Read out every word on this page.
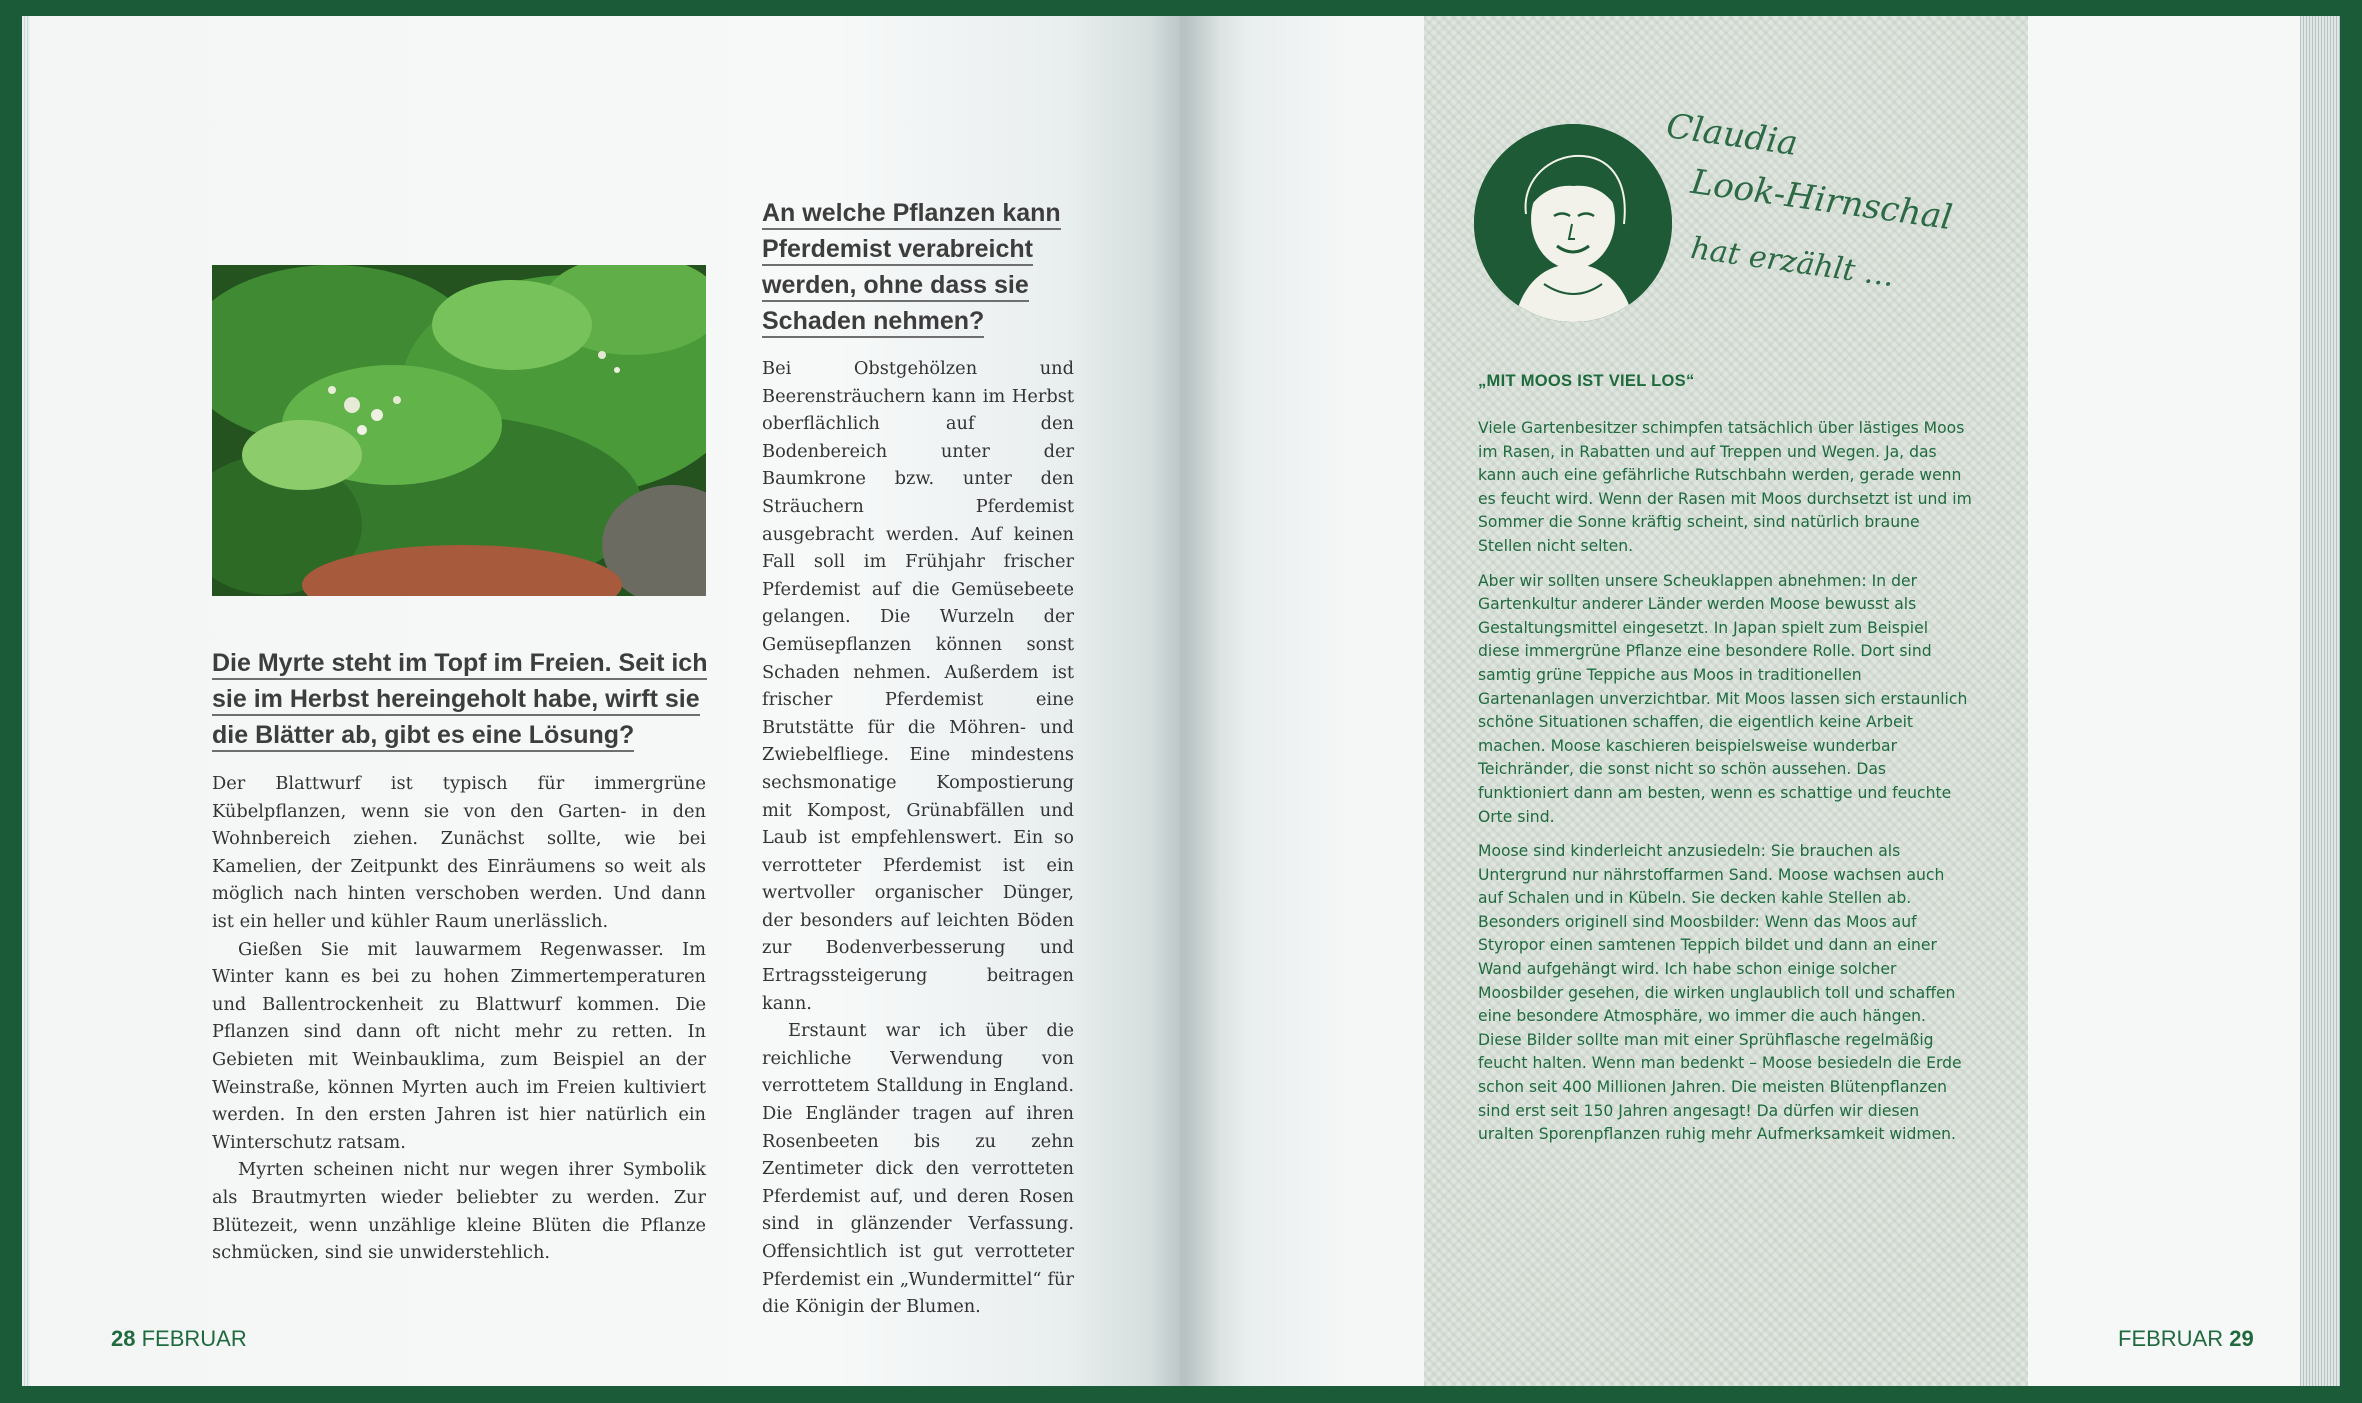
Die Myrte steht im Topf im Freien. Seit ich sie im Herbst hereingeholt habe, wirft sie die Blätter ab, gibt es eine Lösung?

Der Blattwurf ist typisch für immergrüne Kübelpflanzen, wenn sie von den Garten- in den Wohnbereich ziehen. Zunächst sollte, wie bei Kamelien, der Zeitpunkt des Einräumens so weit als möglich nach hinten verschoben werden. Und dann ist ein heller und kühler Raum unerlässlich.

Gießen Sie mit lauwarmem Regenwasser. Im Winter kann es bei zu hohen Zimmertemperaturen und Ballentrockenheit zu Blattwurf kommen. Die Pflanzen sind dann oft nicht mehr zu retten. In Gebieten mit Weinbauklima, zum Beispiel an der Weinstraße, können Myrten auch im Freien kultiviert werden. In den ersten Jahren ist hier natürlich ein Winterschutz ratsam.

Myrten scheinen nicht nur wegen ihrer Symbolik als Brautmyrten wieder beliebter zu werden. Zur Blütezeit, wenn unzählige kleine Blüten die Pflanze schmücken, sind sie unwiderstehlich.

An welche Pflanzen kann Pferdemist verabreicht werden, ohne dass sie Schaden nehmen?

Bei Obstgehölzen und Beerensträuchern kann im Herbst oberflächlich auf den Bodenbereich unter der Baumkrone bzw. unter den Sträuchern Pferdemist ausgebracht werden. Auf keinen Fall soll im Frühjahr frischer Pferdemist auf die Gemüsebeete gelangen. Die Wurzeln der Gemüsepflanzen können sonst Schaden nehmen. Außerdem ist frischer Pferdemist eine Brutstätte für die Möhren- und Zwiebelfliege. Eine mindestens sechsmonatige Kompostierung mit Kompost, Grünabfällen und Laub ist empfehlenswert. Ein so verrotteter Pferdemist ist ein wertvoller organischer Dünger, der besonders auf leichten Böden zur Bodenverbesserung und Ertragssteigerung beitragen kann.

Erstaunt war ich über die reichliche Verwendung von verrottetem Stalldung in England. Die Engländer tragen auf ihren Rosenbeeten bis zu zehn Zentimeter dick den verrotteten Pferdemist auf, und deren Rosen sind in glänzender Verfassung. Offensichtlich ist gut verrotteter Pferdemist ein „Wundermittel“ für die Königin der Blumen.

Claudia
Look-Hirnschal
hat erzählt …
„MIT MOOS IST VIEL LOS“

Viele Gartenbesitzer schimpfen tatsächlich über lästiges Moos im Rasen, in Rabatten und auf Treppen und Wegen. Ja, das kann auch eine gefährliche Rutschbahn werden, gerade wenn es feucht wird. Wenn der Rasen mit Moos durchsetzt ist und im Sommer die Sonne kräftig scheint, sind natürlich braune Stellen nicht selten.

Aber wir sollten unsere Scheuklappen abnehmen: In der Gartenkultur anderer Länder werden Moose bewusst als Gestaltungsmittel eingesetzt. In Japan spielt zum Beispiel diese immergrüne Pflanze eine besondere Rolle. Dort sind samtig grüne Teppiche aus Moos in traditionellen Gartenanlagen unverzichtbar. Mit Moos lassen sich erstaunlich schöne Situationen schaffen, die eigentlich keine Arbeit machen. Moose kaschieren beispielsweise wunderbar Teichränder, die sonst nicht so schön aussehen. Das funktioniert dann am besten, wenn es schattige und feuchte Orte sind.

Moose sind kinderleicht anzusiedeln: Sie brauchen als Untergrund nur nährstoffarmen Sand. Moose wachsen auch auf Schalen und in Kübeln. Sie decken kahle Stellen ab. Besonders originell sind Moosbilder: Wenn das Moos auf Styropor einen samtenen Teppich bildet und dann an einer Wand aufgehängt wird. Ich habe schon einige solcher Moosbilder gesehen, die wirken unglaublich toll und schaffen eine besondere Atmosphäre, wo immer die auch hängen. Diese Bilder sollte man mit einer Sprühflasche regelmäßig feucht halten. Wenn man bedenkt – Moose besiedeln die Erde schon seit 400 Millionen Jahren. Die meisten Blütenpflanzen sind erst seit 150 Jahren angesagt! Da dürfen wir diesen uralten Sporenpflanzen ruhig mehr Aufmerksamkeit widmen.

28 FEBRUAR	FEBRUAR 29
